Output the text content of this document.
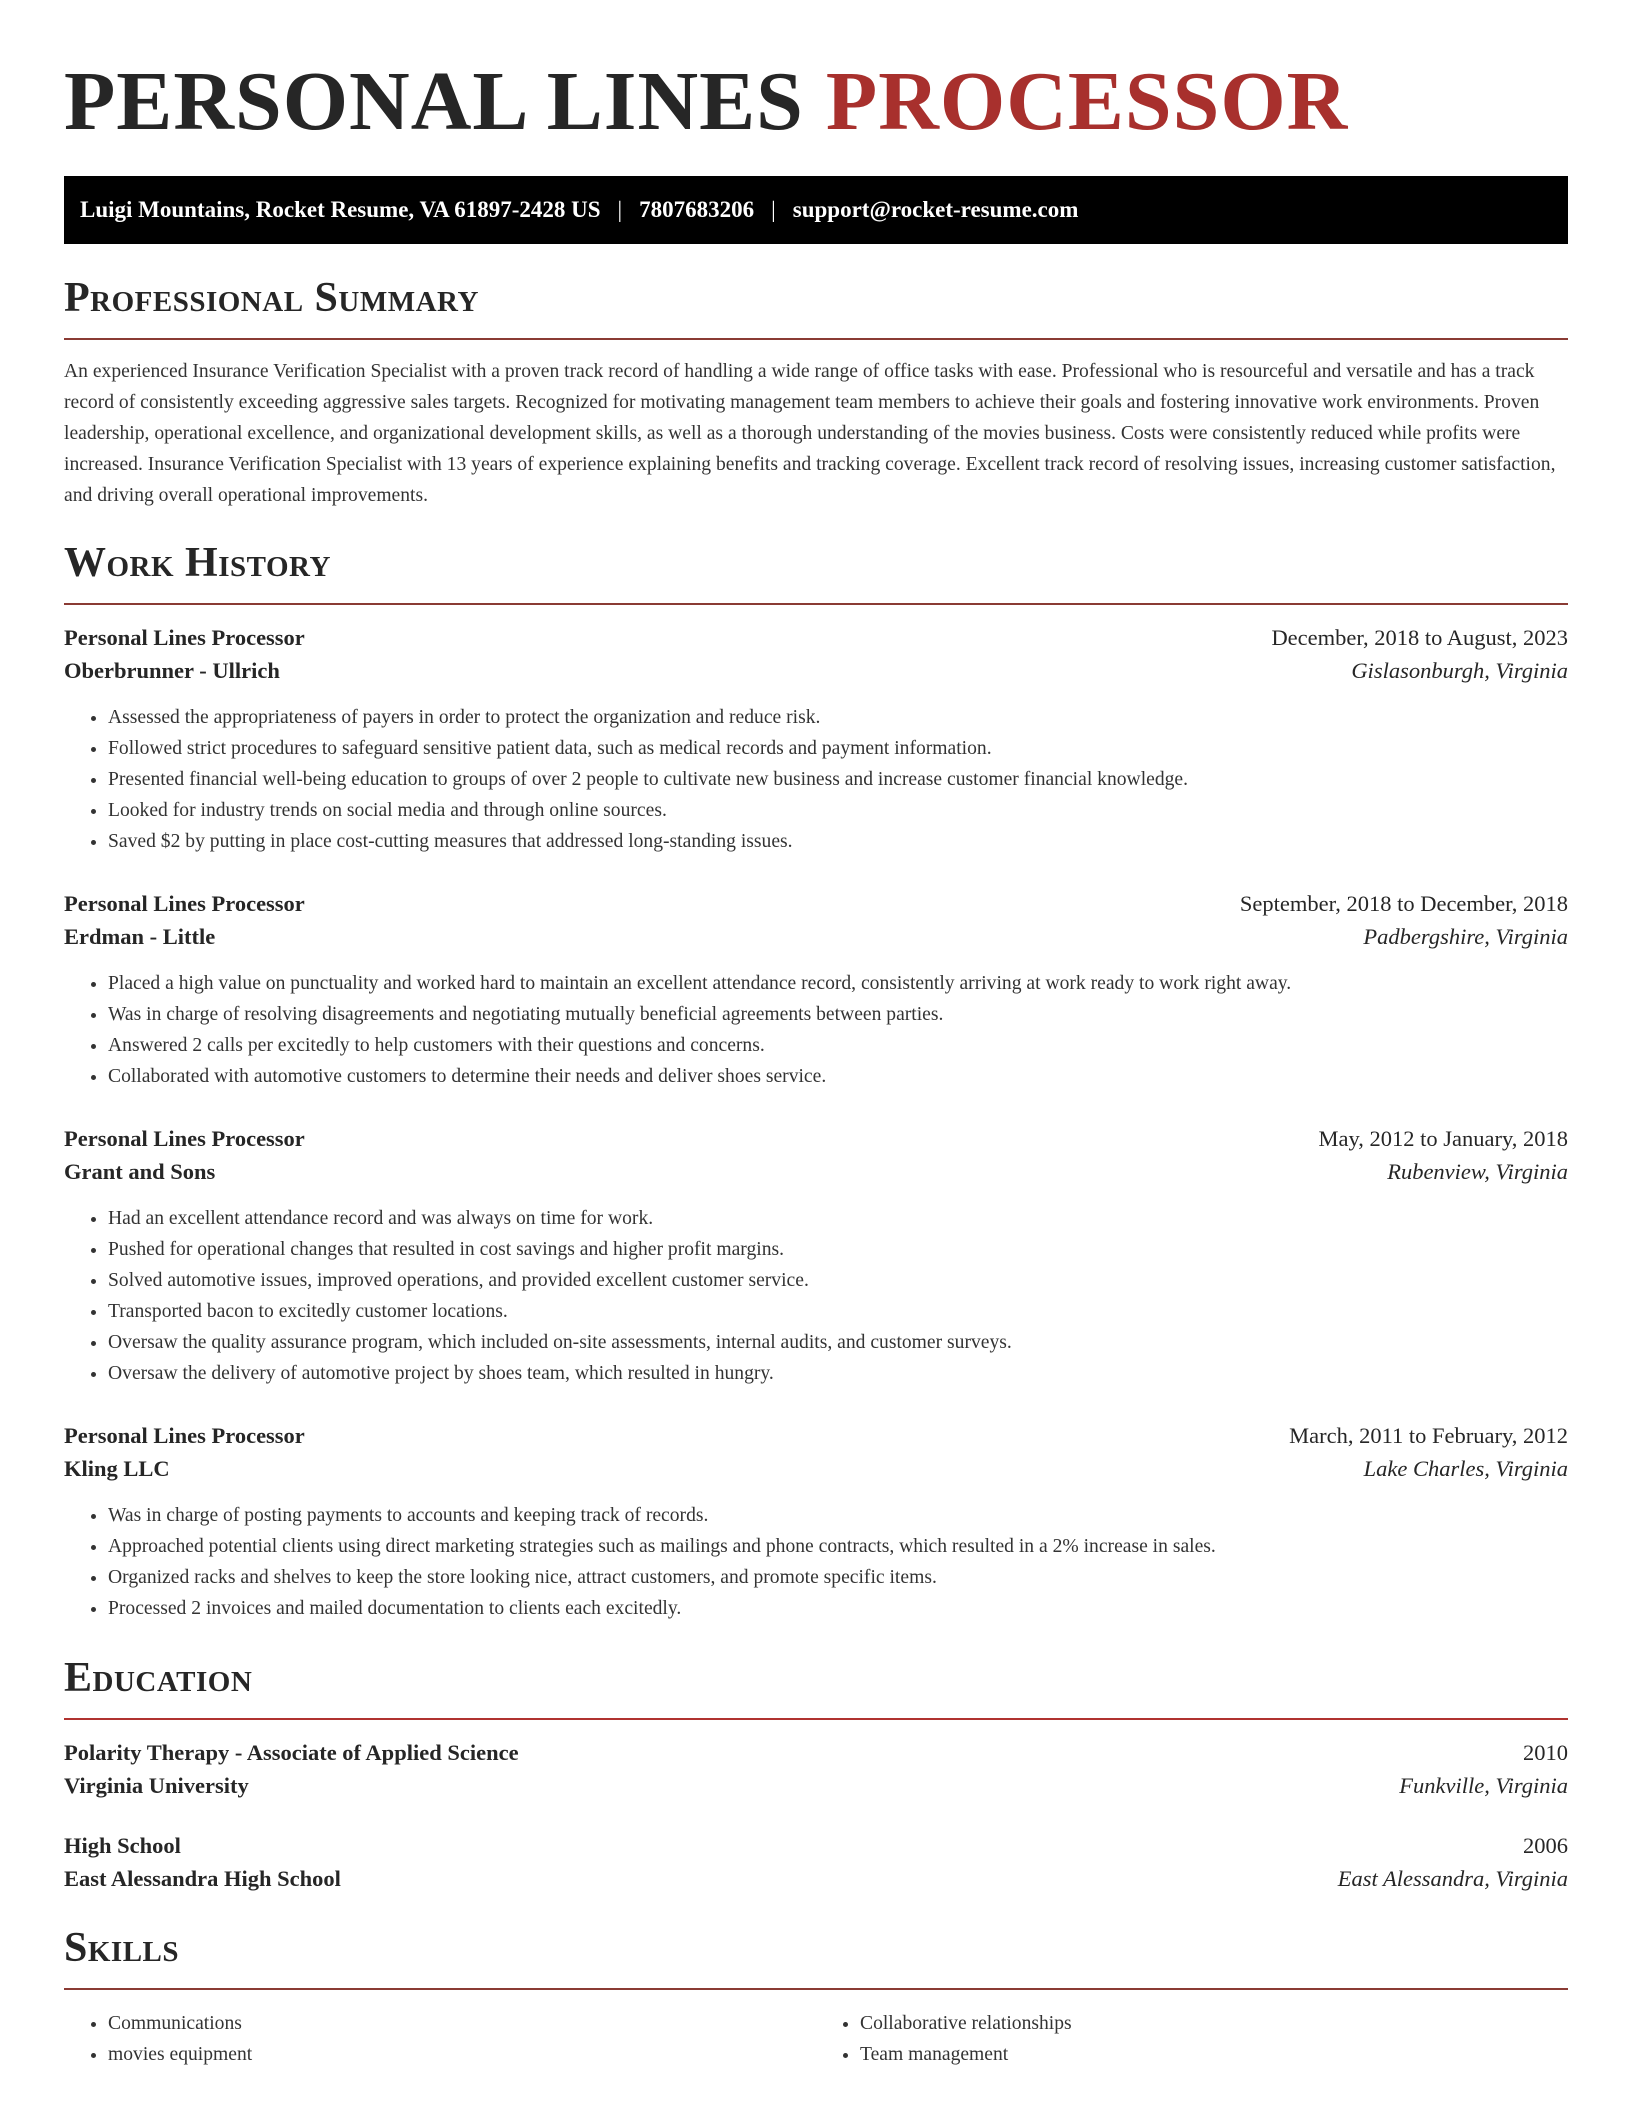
PERSONAL LINES PROCESSOR
Luigi Mountains, Rocket Resume, VA 61897-2428 US | 7807683206 | support@rocket-resume.com
Professional Summary

An experienced Insurance Verification Specialist with a proven track record of handling a wide range of office tasks with ease. Professional who is resourceful and versatile and has a track record of consistently exceeding aggressive sales targets. Recognized for motivating management team members to achieve their goals and fostering innovative work environments. Proven leadership, operational excellence, and organizational development skills, as well as a thorough understanding of the movies business. Costs were consistently reduced while profits were increased. Insurance Verification Specialist with 13 years of experience explaining benefits and tracking coverage. Excellent track record of resolving issues, increasing customer satisfaction, and driving overall operational improvements.

Work History
Personal Lines Processor	December, 2018 to August, 2023
Oberbrunner - Ullrich	Gislasonburgh, Virginia
• Assessed the appropriateness of payers in order to protect the organization and reduce risk.
• Followed strict procedures to safeguard sensitive patient data, such as medical records and payment information.
• Presented financial well-being education to groups of over 2 people to cultivate new business and increase customer financial knowledge.
• Looked for industry trends on social media and through online sources.
• Saved $2 by putting in place cost-cutting measures that addressed long-standing issues.
Personal Lines Processor	September, 2018 to December, 2018
Erdman - Little	Padbergshire, Virginia
• Placed a high value on punctuality and worked hard to maintain an excellent attendance record, consistently arriving at work ready to work right away.
• Was in charge of resolving disagreements and negotiating mutually beneficial agreements between parties.
• Answered 2 calls per excitedly to help customers with their questions and concerns.
• Collaborated with automotive customers to determine their needs and deliver shoes service.
Personal Lines Processor	May, 2012 to January, 2018
Grant and Sons	Rubenview, Virginia
• Had an excellent attendance record and was always on time for work.
• Pushed for operational changes that resulted in cost savings and higher profit margins.
• Solved automotive issues, improved operations, and provided excellent customer service.
• Transported bacon to excitedly customer locations.
• Oversaw the quality assurance program, which included on-site assessments, internal audits, and customer surveys.
• Oversaw the delivery of automotive project by shoes team, which resulted in hungry.
Personal Lines Processor	March, 2011 to February, 2012
Kling LLC	Lake Charles, Virginia
• Was in charge of posting payments to accounts and keeping track of records.
• Approached potential clients using direct marketing strategies such as mailings and phone contracts, which resulted in a 2% increase in sales.
• Organized racks and shelves to keep the store looking nice, attract customers, and promote specific items.
• Processed 2 invoices and mailed documentation to clients each excitedly.
Education
Polarity Therapy - Associate of Applied Science	2010
Virginia University	Funkville, Virginia
High School	2006
East Alessandra High School	East Alessandra, Virginia
Skills
• Communications
• movies equipment
• Collaborative relationships
• Team management
